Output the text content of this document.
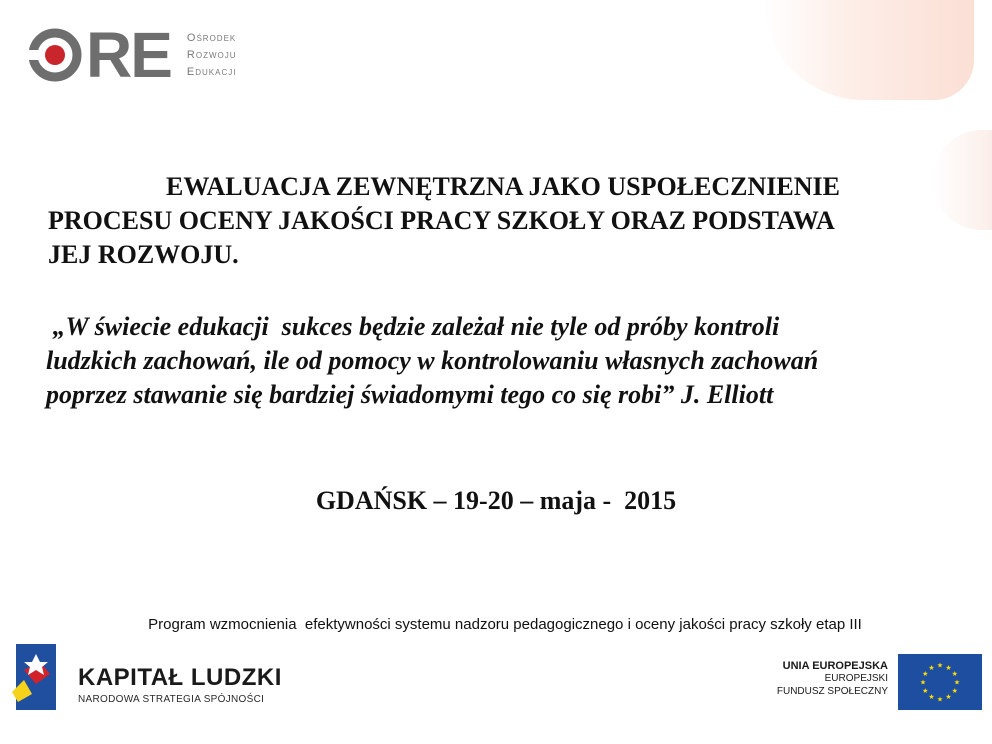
RE Ośrodek
Rozwoju
Edukacji
EWALUACJA ZEWNĘTRZNA JAKO USPOŁECZNIENIE
PROCESU OCENY JAKOŚCI PRACY SZKOŁY ORAZ PODSTAWA
JEJ ROZWOJU.
„W świecie edukacji  sukces będzie zależał nie tyle od próby kontroli
ludzkich zachowań, ile od pomocy w kontrolowaniu własnych zachowań
poprzez stawanie się bardziej świadomymi tego co się robi” J. Elliott
GDAŃSK – 19-20 – maja -  2015
Program wzmocnienia  efektywności systemu nadzoru pedagogicznego i oceny jakości pracy szkoły etap III
KAPITAŁ LUDZKI
NARODOWA STRATEGIA SPÓJNOŚCI
UNIA EUROPEJSKA
EUROPEJSKI
FUNDUSZ SPOŁECZNY
★
★
★
★
★
★
★
★
★ ★ ★
★
